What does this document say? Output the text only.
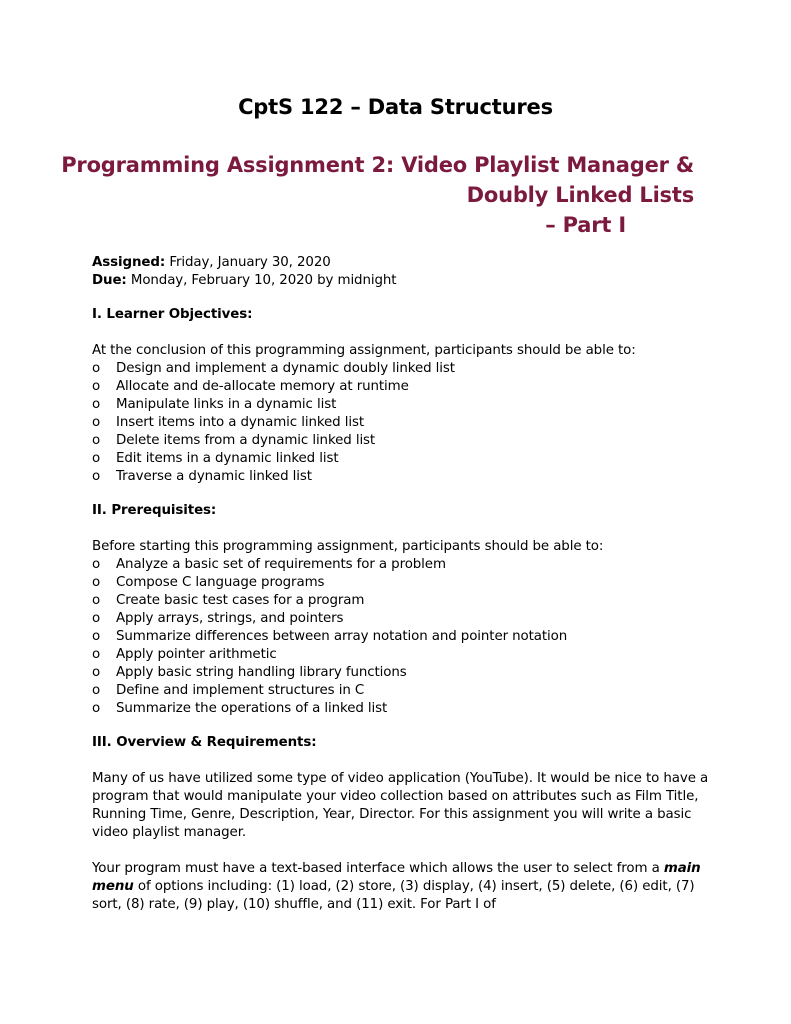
CptS 122 – Data Structures
Programming Assignment 2: Video Playlist Manager &
Doubly Linked Lists
– Part I
Assigned: Friday, January 30, 2020
Due: Monday, February 10, 2020 by midnight
I. Learner Objectives:
At the conclusion of this programming assignment, participants should be able to:
o	Design and implement a dynamic doubly linked list
o	Allocate and de-allocate memory at runtime
o	Manipulate links in a dynamic list
o	Insert items into a dynamic linked list
o	Delete items from a dynamic linked list
o	Edit items in a dynamic linked list
o	Traverse a dynamic linked list
II. Prerequisites:
Before starting this programming assignment, participants should be able to:
o	Analyze a basic set of requirements for a problem
o	Compose C language programs
o	Create basic test cases for a program
o	Apply arrays, strings, and pointers
o	Summarize differences between array notation and pointer notation
o	Apply pointer arithmetic
o	Apply basic string handling library functions
o	Define and implement structures in C
o	Summarize the operations of a linked list
III. Overview & Requirements:

Many of us have utilized some type of video application (YouTube). It would be nice to have a program that would manipulate your video collection based on attributes such as Film Title, Running Time, Genre, Description, Year, Director. For this assignment you will write a basic video playlist manager.

Your program must have a text-based interface which allows the user to select from a main menu of options including: (1) load, (2) store, (3) display, (4) insert, (5) delete, (6) edit, (7) sort, (8) rate, (9) play, (10) shuffle, and (11) exit. For Part I of
